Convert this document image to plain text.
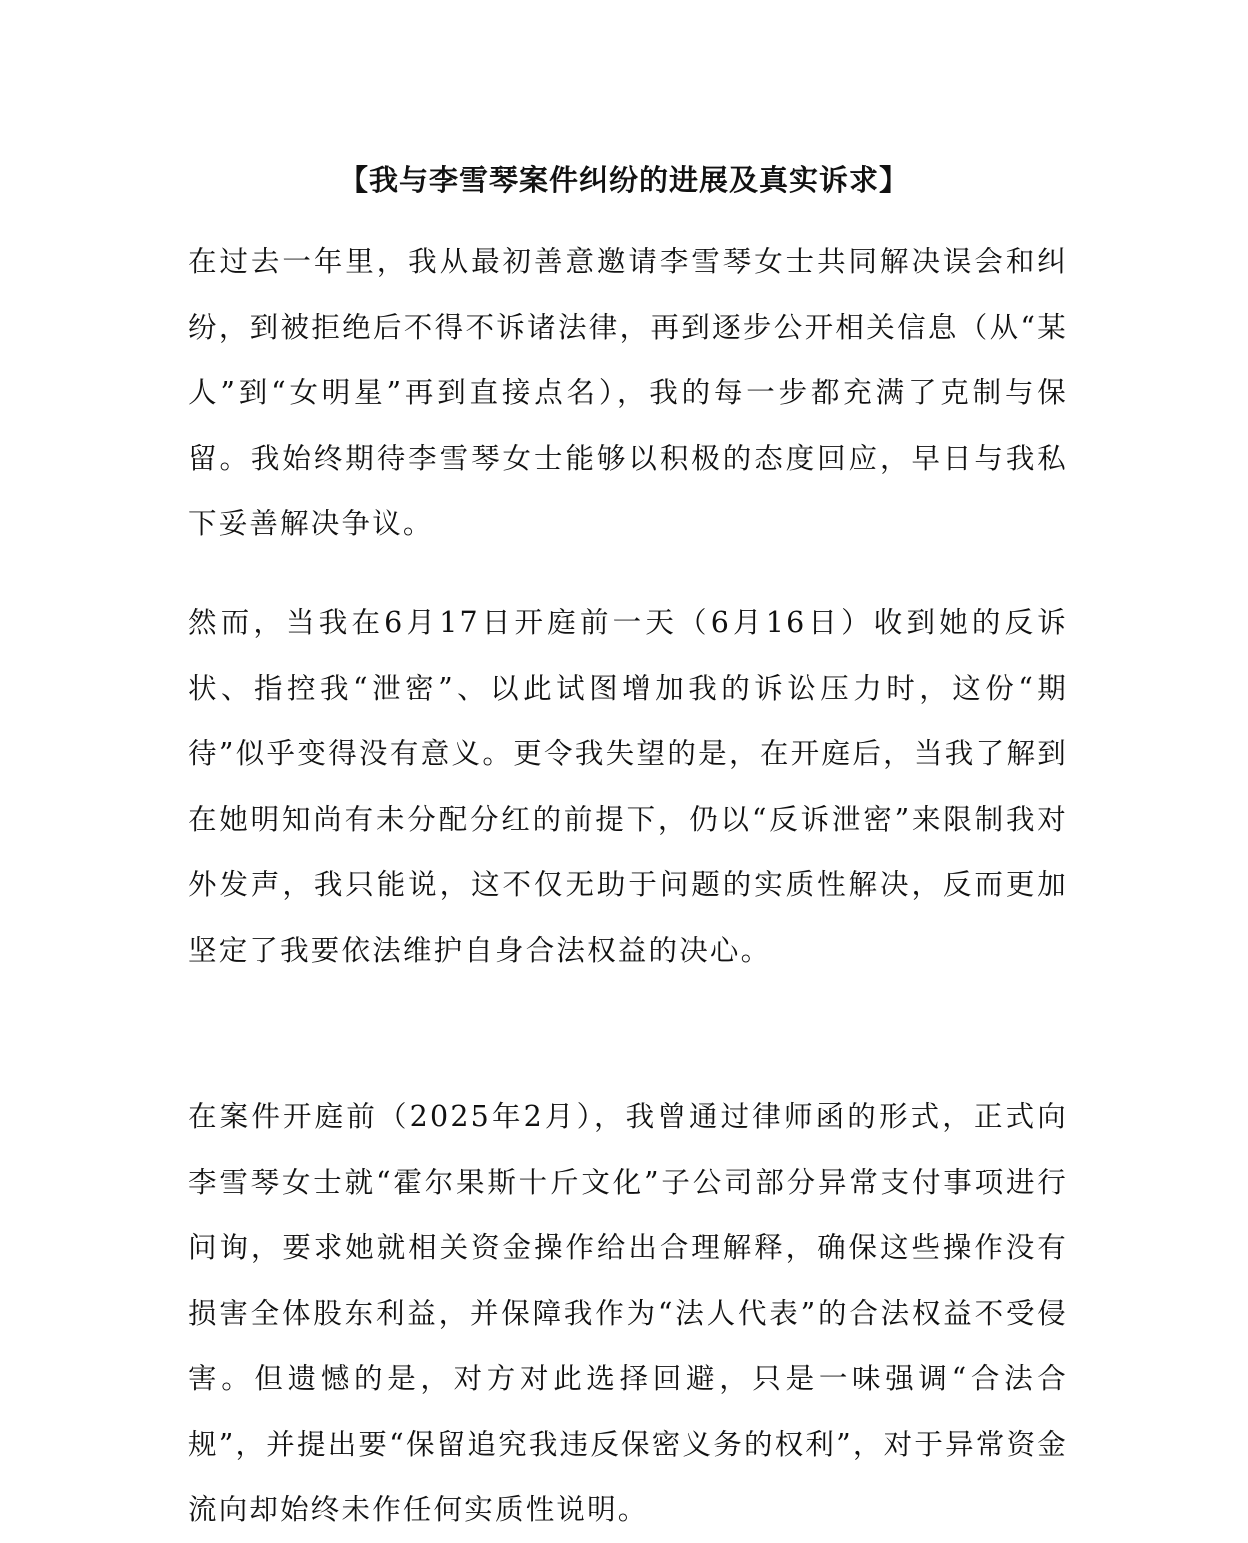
【我与李雪琴案件纠纷的进展及真实诉求】

在过去一年里，我从最初善意邀请李雪琴女士共同解决误会和纠纷，到被拒绝后不得不诉诸法律，再到逐步公开相关信息（从“某人”到“女明星”再到直接点名），我的每一步都充满了克制与保留。我始终期待李雪琴女士能够以积极的态度回应，早日与我私下妥善解决争议。

然而，当我在6月17日开庭前一天（6月16日）收到她的反诉状、指控我“泄密”、以此试图增加我的诉讼压力时，这份“期待”似乎变得没有意义。更令我失望的是，在开庭后，当我了解到在她明知尚有未分配分红的前提下，仍以“反诉泄密”来限制我对外发声，我只能说，这不仅无助于问题的实质性解决，反而更加坚定了我要依法维护自身合法权益的决心。

在案件开庭前（2025年2月），我曾通过律师函的形式，正式向李雪琴女士就“霍尔果斯十斤文化”子公司部分异常支付事项进行问询，要求她就相关资金操作给出合理解释，确保这些操作没有损害全体股东利益，并保障我作为“法人代表”的合法权益不受侵害。但遗憾的是，对方对此选择回避，只是一味强调“合法合规”，并提出要“保留追究我违反保密义务的权利”，对于异常资金流向却始终未作任何实质性说明。
